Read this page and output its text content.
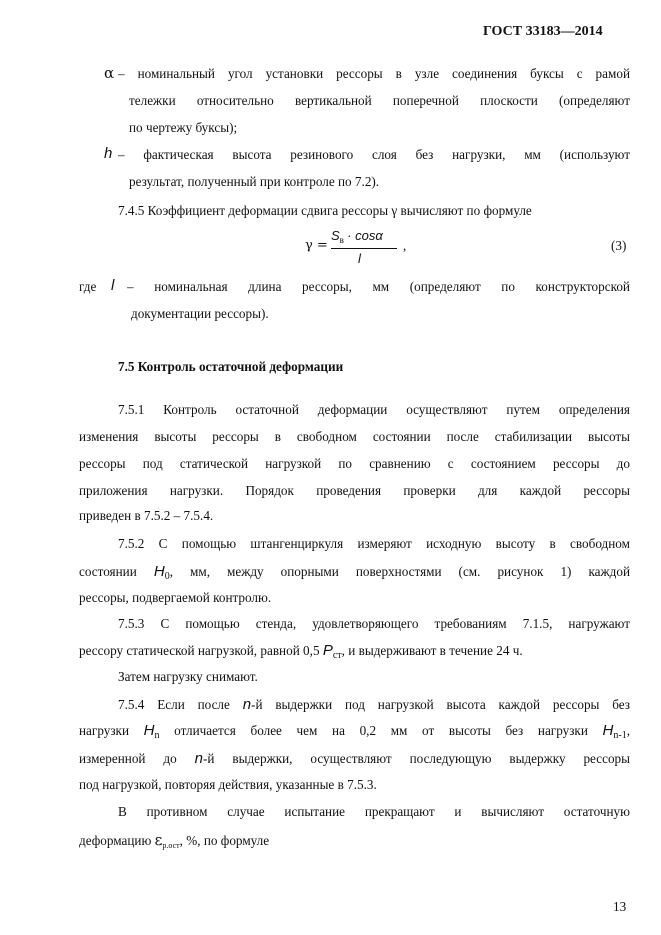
ГОСТ 33183—2014
α – номинальный угол установки рессоры в узле соединения буксы с рамой
тележки относительно вертикальной поперечной плоскости (определяют
по чертежу буксы);
h – фактическая высота резинового слоя без нагрузки, мм (используют
результат, полученный при контроле по 7.2).
7.4.5 Коэффициент деформации сдвига рессоры γ вычисляют по формуле
γ =
$S_в \cdot \cos\alpha$
l
,	(3)
где l – номинальная длина рессоры, мм (определяют по конструкторской
документации рессоры).
7.5 Контроль остаточной деформации
7.5.1 Контроль остаточной деформации осуществляют путем определения
изменения высоты рессоры в свободном состоянии после стабилизации высоты
рессоры под статической нагрузкой по сравнению с состоянием рессоры до
приложения нагрузки. Порядок проведения проверки для каждой рессоры
приведен в 7.5.2 – 7.5.4.
7.5.2 С помощью штангенциркуля измеряют исходную высоту в свободном
состоянии $H_0$, мм, между опорными поверхностями (см. рисунок 1) каждой
рессоры, подвергаемой контролю.
7.5.3 С помощью стенда, удовлетворяющего требованиям 7.1.5, нагружают
рессору статической нагрузкой, равной 0,5 $P_{ст}$, и выдерживают в течение 24 ч.
Затем нагрузку снимают.
7.5.4 Если после n-й выдержки под нагрузкой высота каждой рессоры без
нагрузки $H_n$ отличается более чем на 0,2 мм от высоты без нагрузки $H_{n-1}$,
измеренной до n-й выдержки, осуществляют последующую выдержку рессоры
под нагрузкой, повторяя действия, указанные в 7.5.3.
В противном случае испытание прекращают и вычисляют остаточную
деформацию $\varepsilon_{р.ост}$, %, по формуле
13
